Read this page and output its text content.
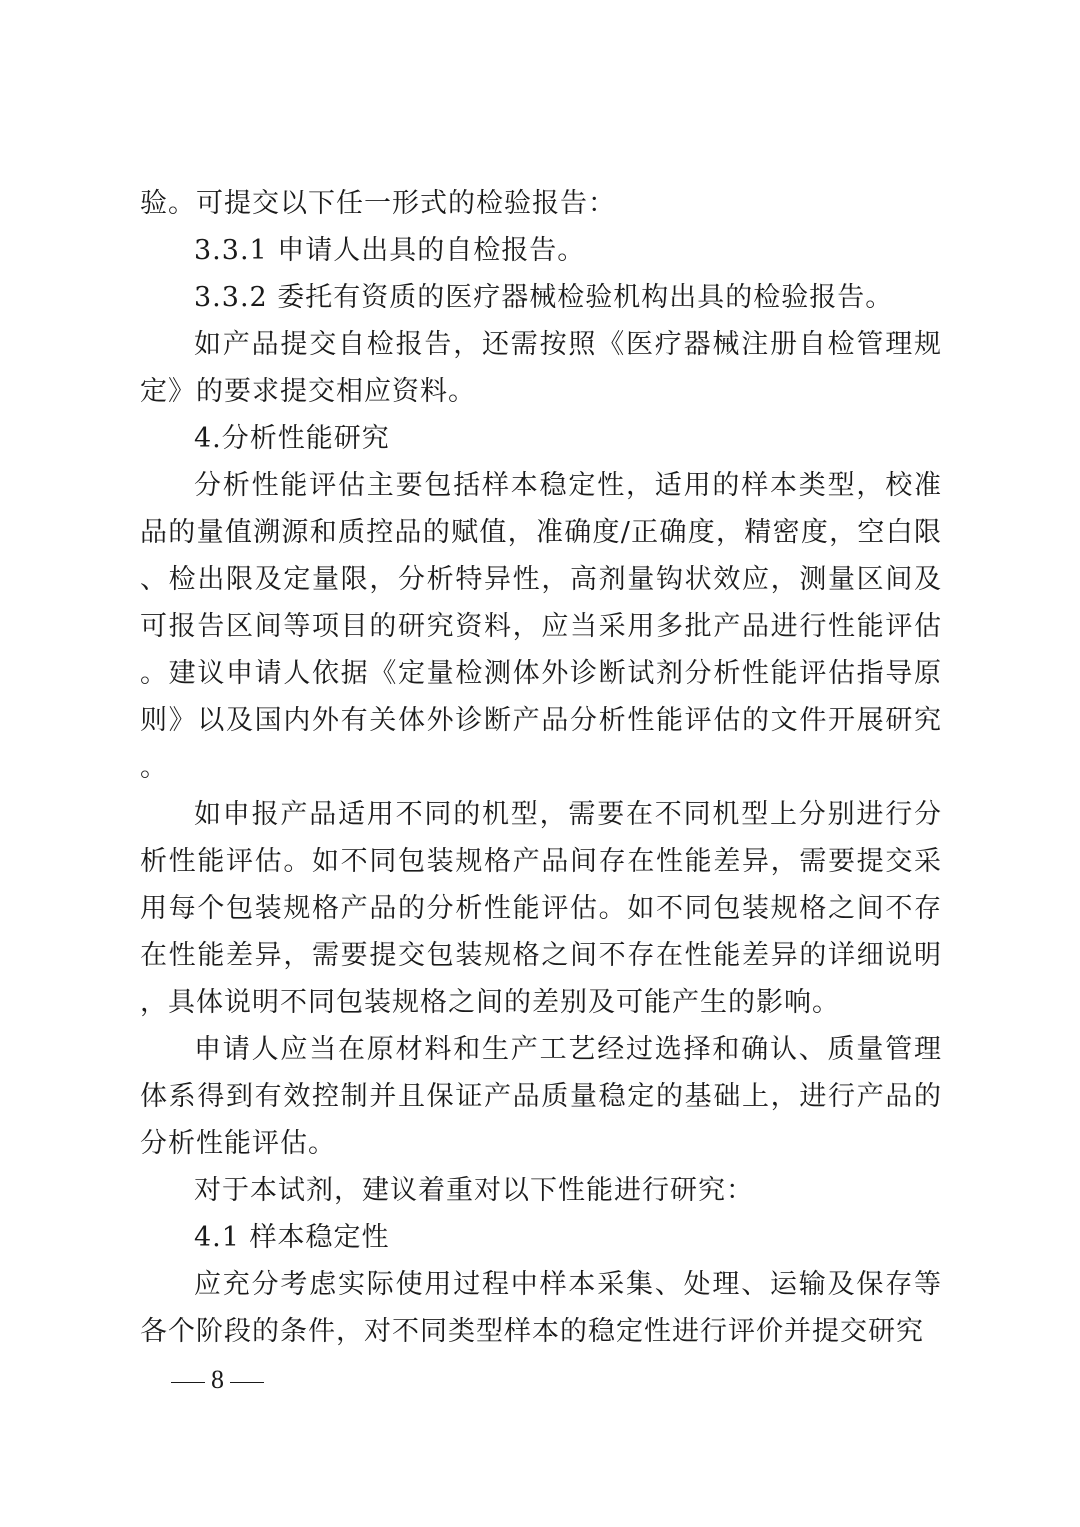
验。可提交以下任一形式的检验报告：

3.3.1 申请人出具的自检报告。

3.3.2 委托有资质的医疗器械检验机构出具的检验报告。

如产品提交自检报告，还需按照《医疗器械注册自检管理规定》的要求提交相应资料。

4.分析性能研究

分析性能评估主要包括样本稳定性，适用的样本类型，校准品的量值溯源和质控品的赋值，准确度/正确度，精密度，空白限、检出限及定量限，分析特异性，高剂量钩状效应，测量区间及可报告区间等项目的研究资料，应当采用多批产品进行性能评估。建议申请人依据《定量检测体外诊断试剂分析性能评估指导原则》以及国内外有关体外诊断产品分析性能评估的文件开展研究。

如申报产品适用不同的机型，需要在不同机型上分别进行分析性能评估。如不同包装规格产品间存在性能差异，需要提交采用每个包装规格产品的分析性能评估。如不同包装规格之间不存在性能差异，需要提交包装规格之间不存在性能差异的详细说明，具体说明不同包装规格之间的差别及可能产生的影响。

申请人应当在原材料和生产工艺经过选择和确认、质量管理体系得到有效控制并且保证产品质量稳定的基础上，进行产品的分析性能评估。

对于本试剂，建议着重对以下性能进行研究：

4.1 样本稳定性

应充分考虑实际使用过程中样本采集、处理、运输及保存等各个阶段的条件，对不同类型样本的稳定性进行评价并提交研究

8
